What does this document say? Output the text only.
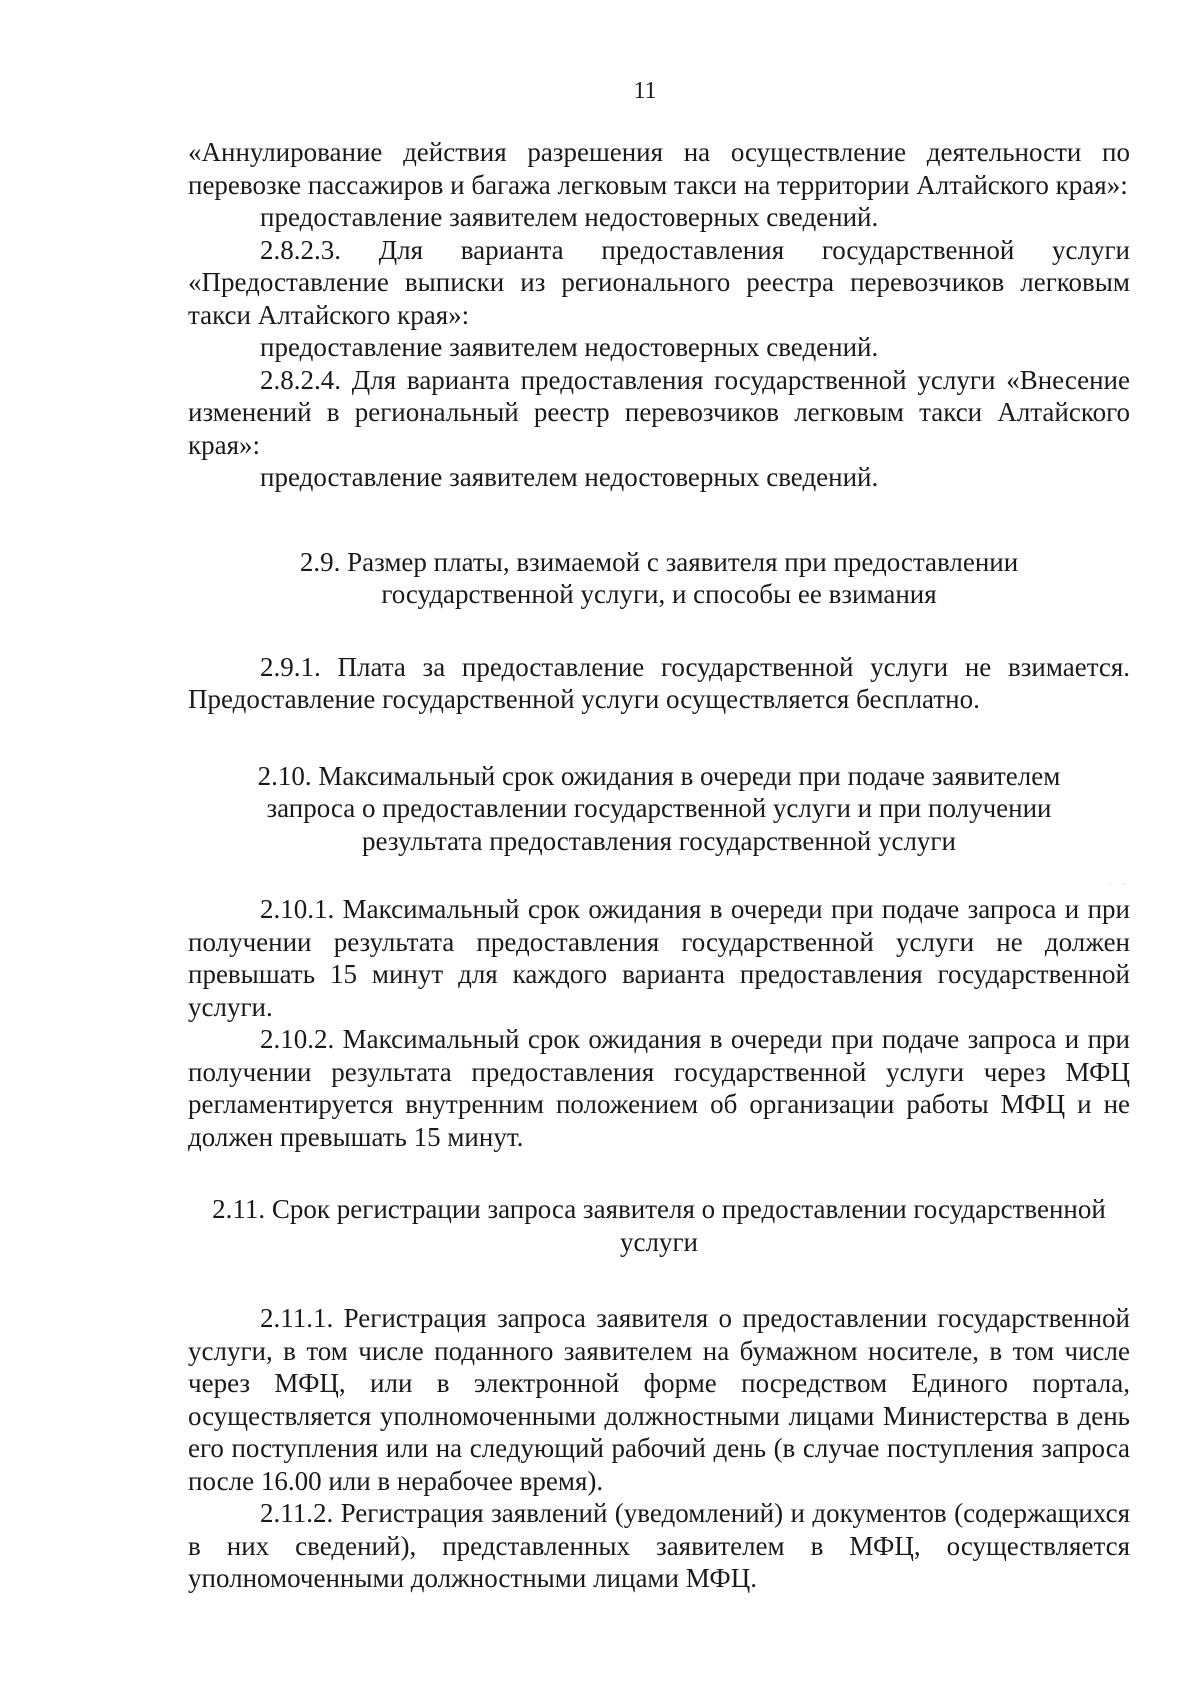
11

«Аннулирование действия разрешения на осуществление деятельности по перевозке пассажиров и багажа легковым такси на территории Алтайского края»:

предоставление заявителем недостоверных сведений.

2.8.2.3. Для варианта предоставления государственной услуги «Предоставление выписки из регионального реестра перевозчиков легковым такси Алтайского края»:

предоставление заявителем недостоверных сведений.

2.8.2.4. Для варианта предоставления государственной услуги «Внесение изменений в региональный реестр перевозчиков легковым такси Алтайского края»:

предоставление заявителем недостоверных сведений.

2.9. Размер платы, взимаемой с заявителя при предоставлении
государственной услуги, и способы ее взимания

2.9.1. Плата за предоставление государственной услуги не взимается. Предоставление государственной услуги осуществляется бесплатно.

2.10. Максимальный срок ожидания в очереди при подаче заявителем
запроса о предоставлении государственной услуги и при получении
результата предоставления государственной услуги

2.10.1. Максимальный срок ожидания в очереди при подаче запроса и при получении результата предоставления государственной услуги не должен превышать 15 минут для каждого варианта предоставления государственной услуги.

2.10.2. Максимальный срок ожидания в очереди при подаче запроса и при получении результата предоставления государственной услуги через МФЦ регламентируется внутренним положением об организации работы МФЦ и не должен превышать 15 минут.

2.11. Срок регистрации запроса заявителя о предоставлении государственной
услуги

2.11.1. Регистрация запроса заявителя о предоставлении государственной услуги, в том числе поданного заявителем на бумажном носителе, в том числе через МФЦ, или в электронной форме посредством Единого портала, осуществляется уполномоченными должностными лицами Министерства в день его поступления или на следующий рабочий день (в случае поступления запроса после 16.00 или в нерабочее время).

2.11.2. Регистрация заявлений (уведомлений) и документов (содержащихся в них сведений), представленных заявителем в МФЦ, осуществляется уполномоченными должностными лицами МФЦ.

· ·
